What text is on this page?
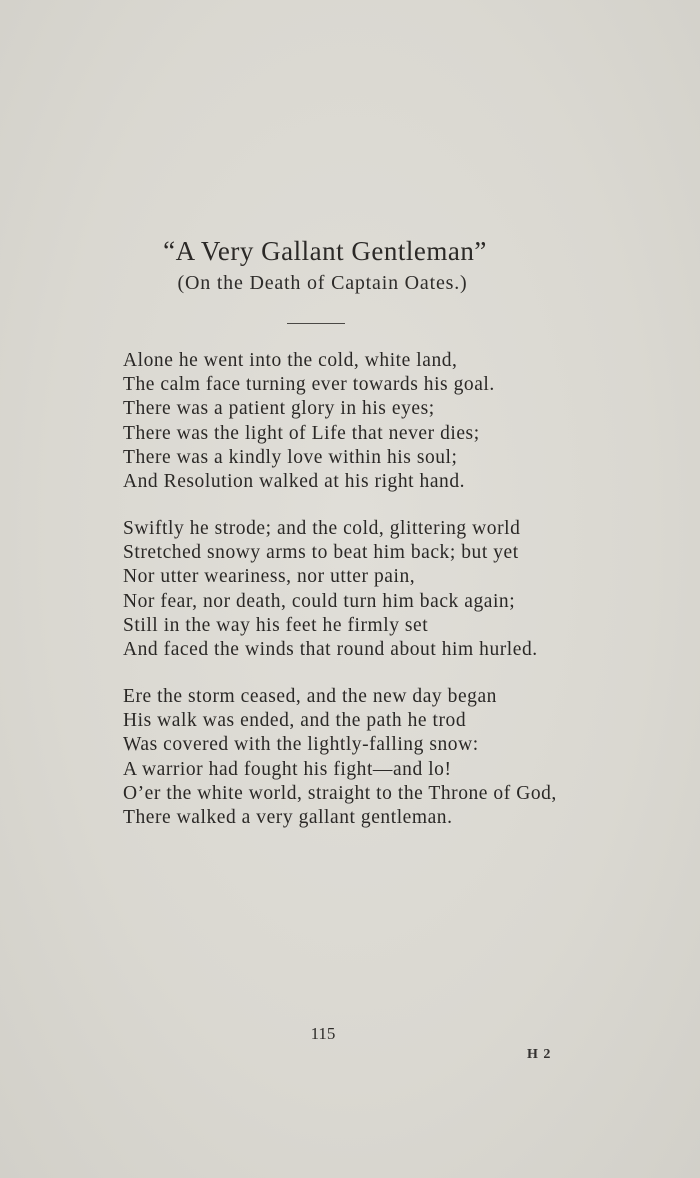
“A Very Gallant Gentleman”
(On the Death of Captain Oates.)
Alone he went into the cold, white land,
The calm face turning ever towards his goal.
There was a patient glory in his eyes;
There was the light of Life that never dies;
There was a kindly love within his soul;
And Resolution walked at his right hand.
Swiftly he strode; and the cold, glittering world
Stretched snowy arms to beat him back; but yet
Nor utter weariness, nor utter pain,
Nor fear, nor death, could turn him back again;
Still in the way his feet he firmly set
And faced the winds that round about him hurled.
Ere the storm ceased, and the new day began
His walk was ended, and the path he trod
Was covered with the lightly-falling snow:
A warrior had fought his fight—and lo!
O’er the white world, straight to the Throne of God,
There walked a very gallant gentleman.
115
H 2
